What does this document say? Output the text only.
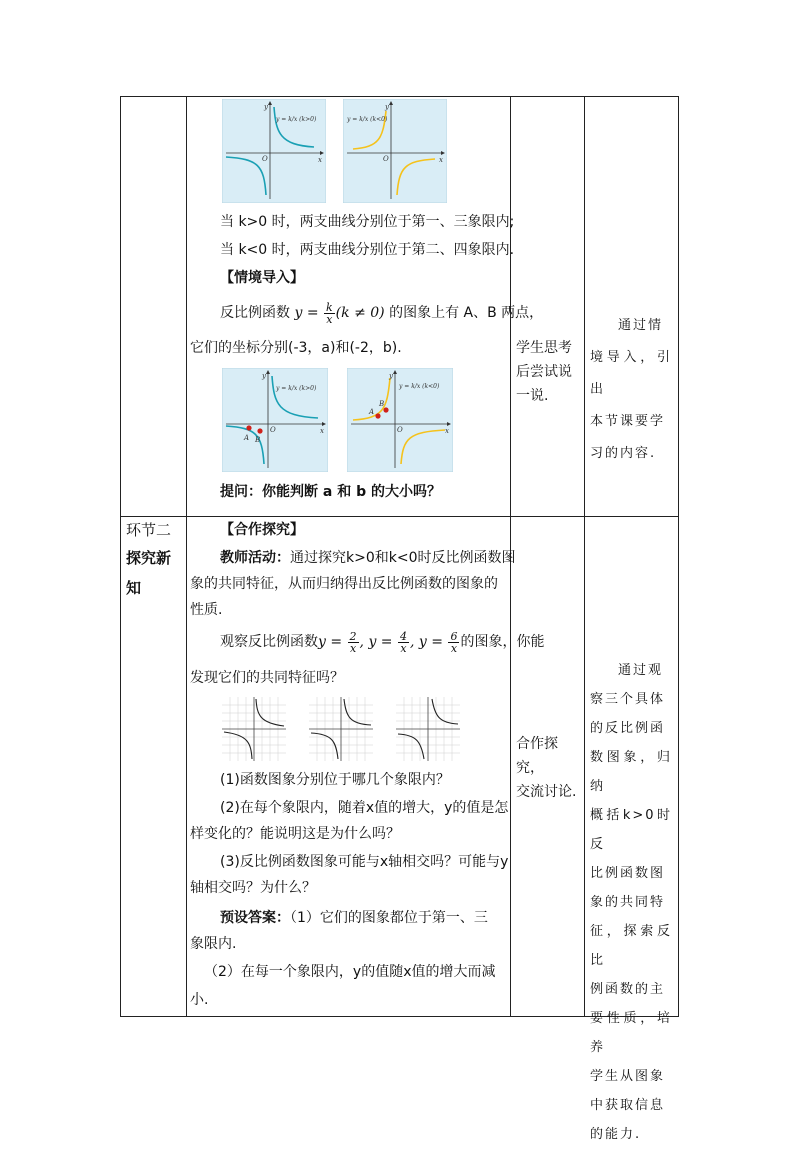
x
y
O
y = k/x (k>0)
x
y
O
y = k/x (k<0)
当 k>0 时，两支曲线分别位于第一、三象限内;
当 k<0 时，两支曲线分别位于第二、四象限内.
【情境导入】
反比例函数 $y = \frac{k}{x} (k \ne 0)$ 的图象上有 A、B 两点，
它们的坐标分别(-3，a)和(-2，b).
A B
x
y
O
y = k/x (k>0)
A
B
x
y
O
y = k/x (k<0)
提问：你能判断 a 和 b 的大小吗？
学生思考
后尝试说
一说.
通过情
境导入，引出
本节课要学
习的内容.
环节二
探究新
知
【合作探究】
教师活动：通过探究k>0和k<0时反比例函数图
象的共同特征，从而归纳得出反比例函数的图象的
性质.
观察反比例函数$y = \frac{2}{x}$ , $y = \frac{4}{x}$ , $y = \frac{6}{x}$ 的图象，你能
发现它们的共同特征吗？
(1)函数图象分别位于哪几个象限内？
(2)在每个象限内，随着x值的增大，y的值是怎
样变化的？能说明这是为什么吗？
(3)反比例函数图象可能与x轴相交吗？可能与y
轴相交吗？为什么？
预设答案：（1）它们的图象都位于第一、三
象限内.
（2）在每一个象限内，y的值随x值的增大而减
小.
合作探究，
交流讨论.
通过观
察三个具体
的反比例函
数图象，归纳
概括k>0时反
比例函数图
象的共同特
征，探索反比
例函数的主
要性质，培养
学生从图象
中获取信息
的能力.
